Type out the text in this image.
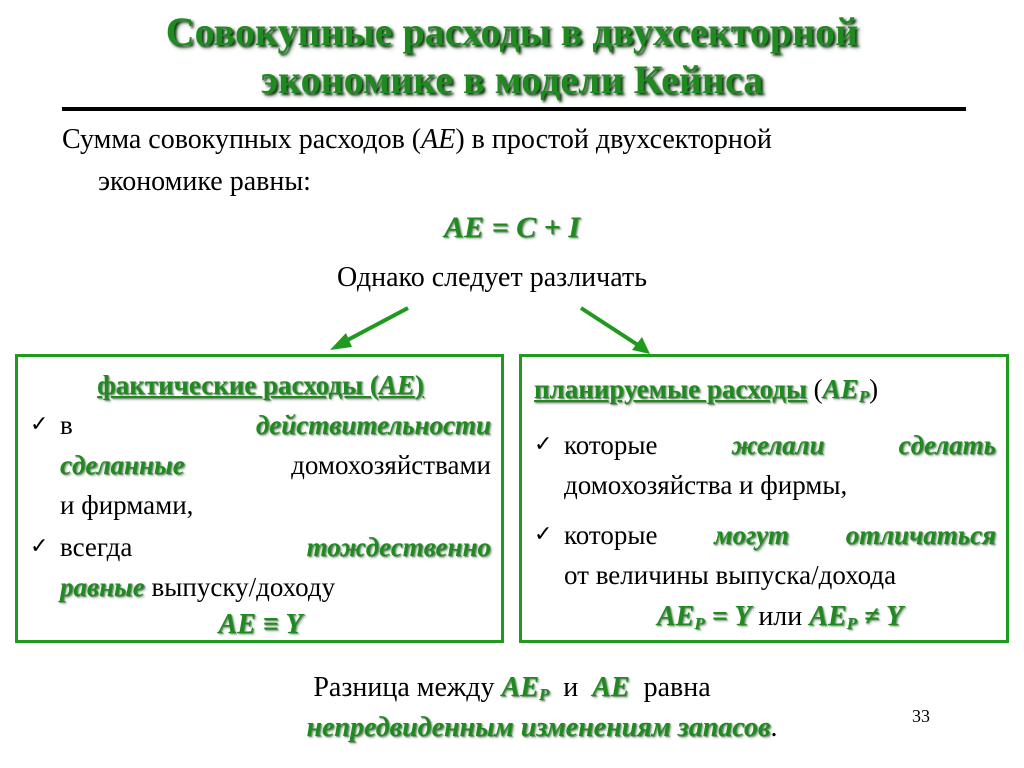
Совокупные расходы в двухсекторной
экономике в модели Кейнса
Сумма совокупных расходов (AE) в простой двухсекторной
экономике равны:
AE = C + I
Однако следует различать
фактические расходы (AE)
✓ в	действительности
сделанные	домохозяйствами
и фирмами,
✓ всегда	тождественно
равные выпуску/доходу
AE ≡ Y
планируемые расходы $(AE_P)$
✓ которые	желали	сделать
домохозяйства и фирмы,
✓ которые могут отличаться
от величины выпуска/дохода
$AE_P = Y$ или $AE_P \ne Y$
Разница между $AE_P$  и  AE  равна
непредвиденным изменениям запасов.	33
